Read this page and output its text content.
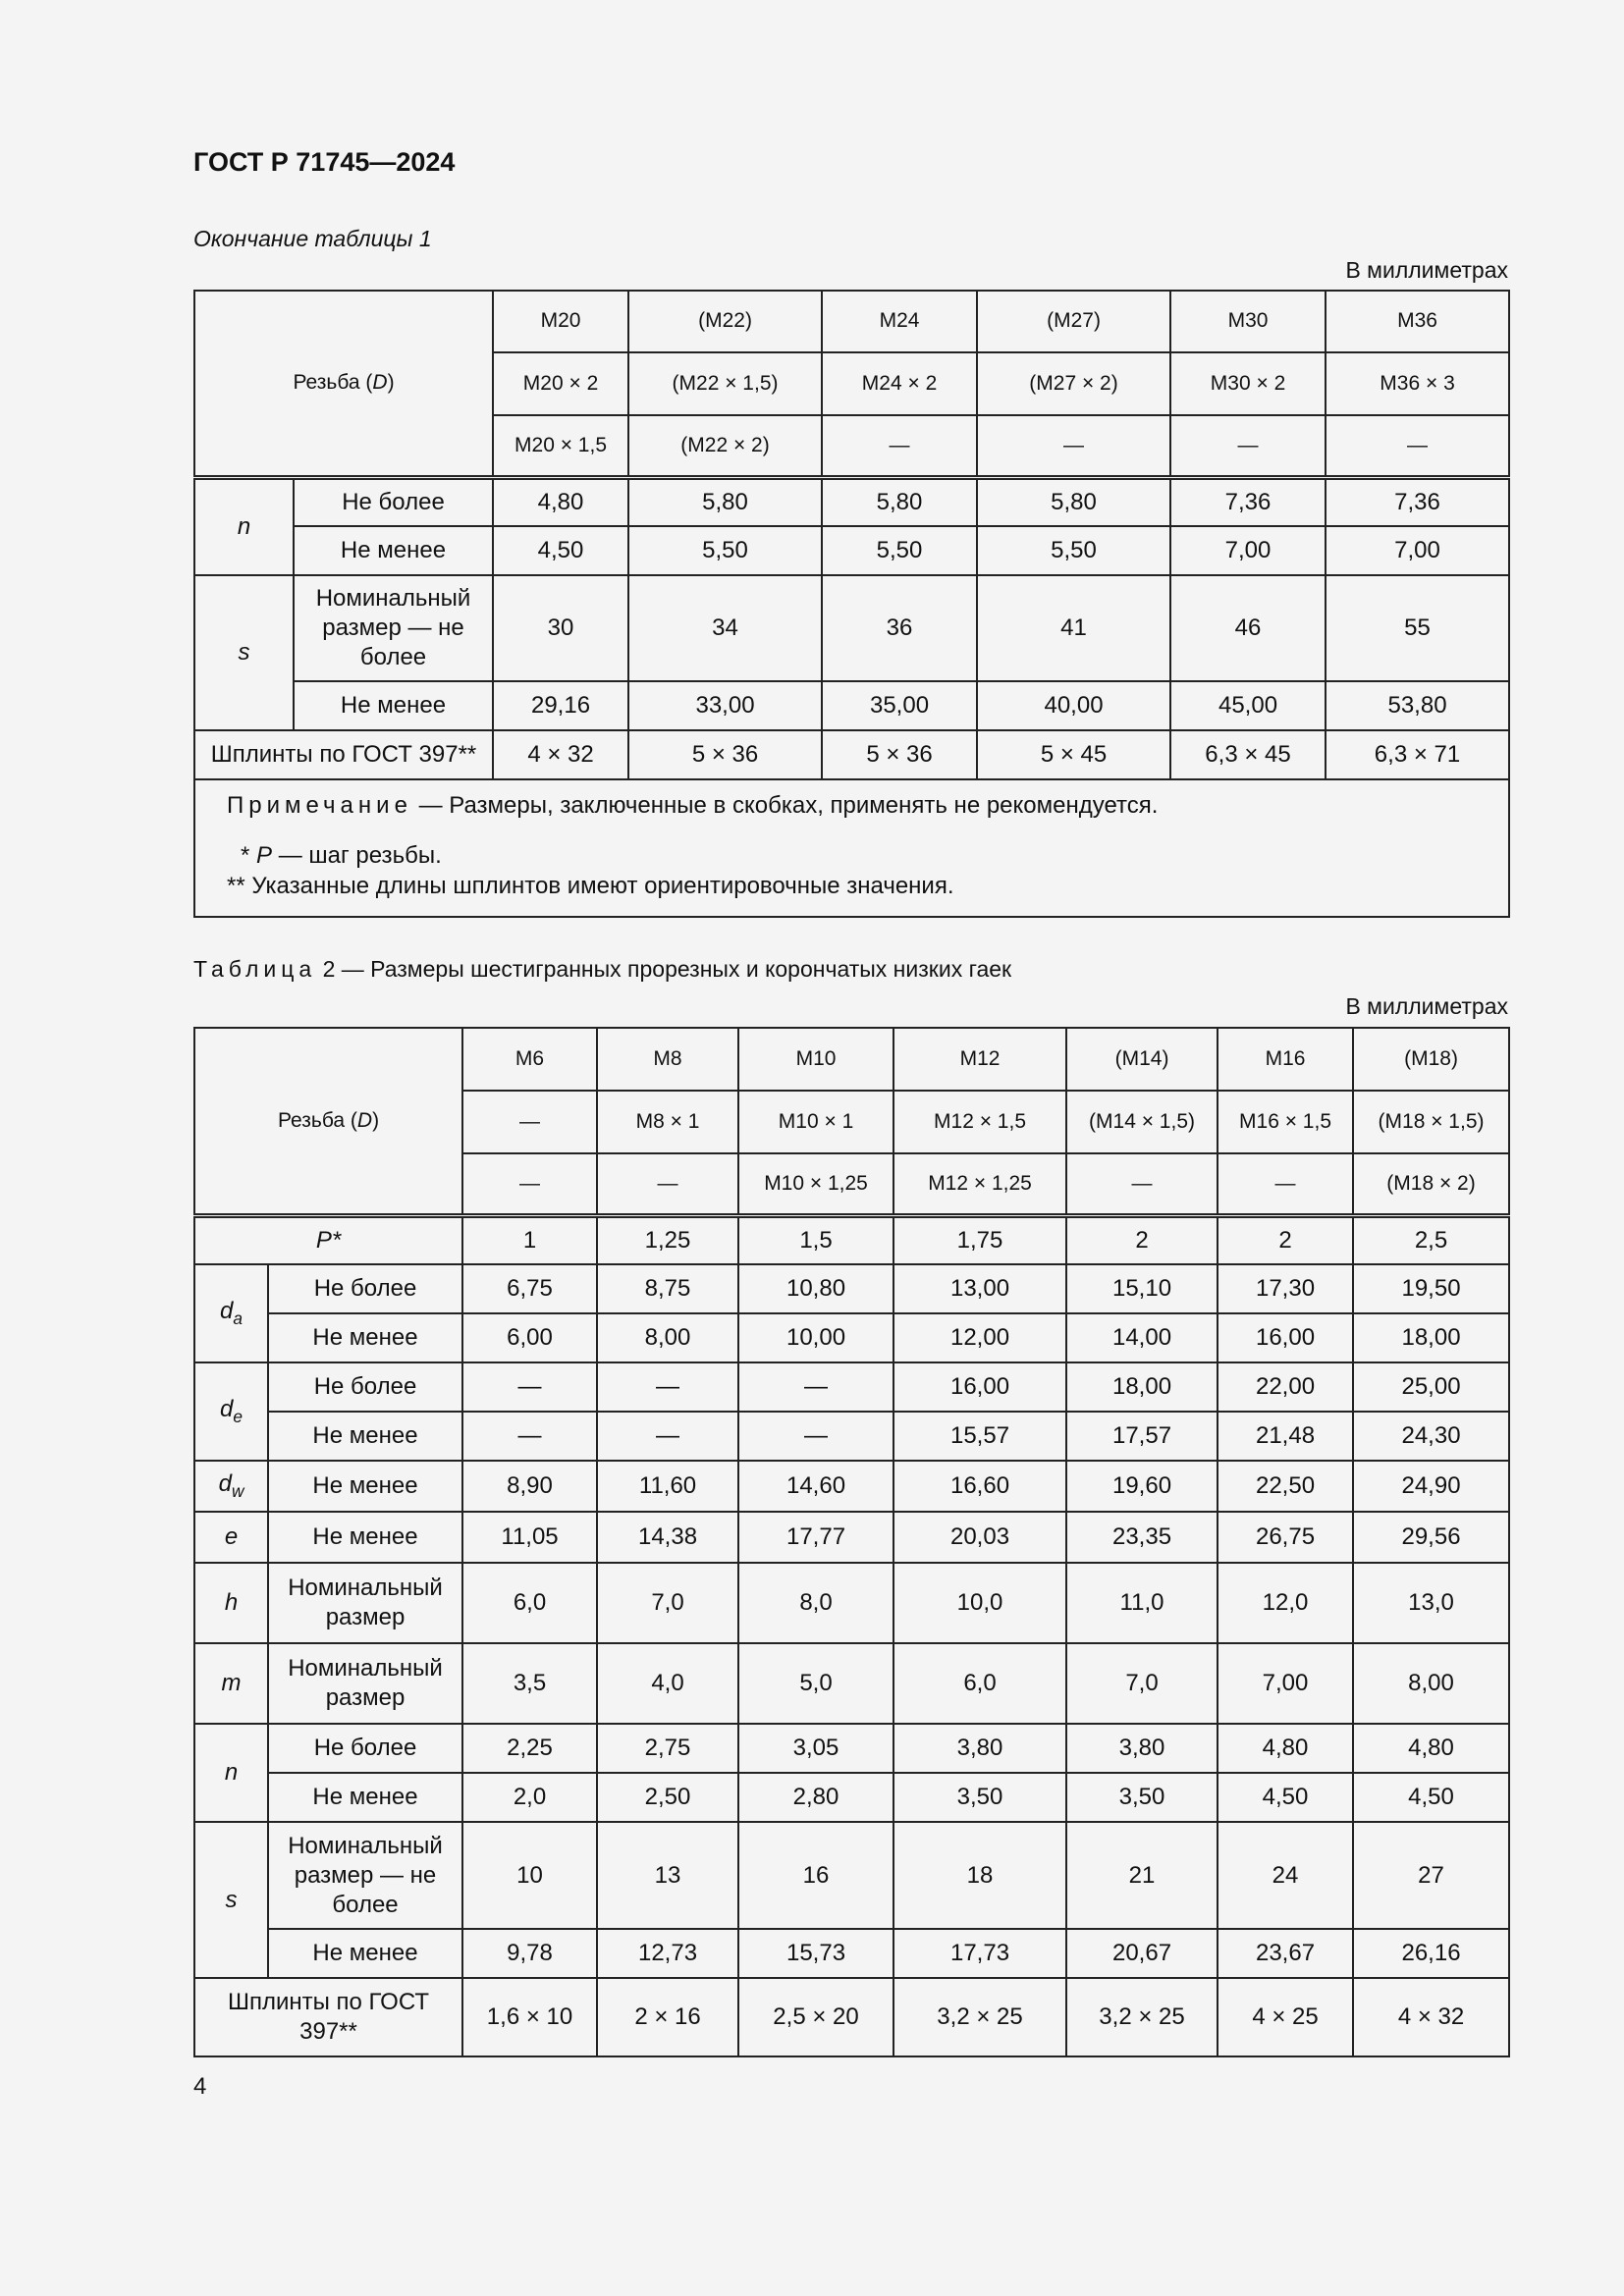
ГОСТ Р 71745—2024
Окончание таблицы 1
В миллиметрах
Резьба (D)		М20	(М22)	М24	(М27)	М30	М36
		М20 × 2	(М22 × 1,5)	М24 × 2	(М27 × 2)	М30 × 2	М36 × 3
		М20 × 1,5	(М22 × 2)	—	—	—	—
n	Не более	4,80	5,80	5,80	5,80	7,36	7,36
	Не менее	4,50	5,50	5,50	5,50	7,00	7,00
s	Номинальный размер — не более	30	34	36	41	46	55
	Не менее	29,16	33,00	35,00	40,00	45,00	53,80
Шплинты по ГОСТ 397**		4 × 32	5 × 36	5 × 36	5 × 45	6,3 × 45	6,3 × 71

Примечание — Размеры, заключенные в скобках, применять не рекомендуется.
* P — шаг резьбы.
** Указанные длины шплинтов имеют ориентировочные значения.							
Таблица 2 — Размеры шестигранных прорезных и корончатых низких гаек
В миллиметрах
Резьба (D)		М6	М8	М10	М12	(М14)	М16	(М18)
		—	М8 × 1	М10 × 1	М12 × 1,5	(М14 × 1,5)	М16 × 1,5	(М18 × 1,5)
		—	—	М10 × 1,25	М12 × 1,25	—	—	(М18 × 2)
P*		1	1,25	1,5	1,75	2	2	2,5
$d_a$	Не более	6,75	8,75	10,80	13,00	15,10	17,30	19,50
	Не менее	6,00	8,00	10,00	12,00	14,00	16,00	18,00
$d_e$	Не более	—	—	—	16,00	18,00	22,00	25,00
	Не менее	—	—	—	15,57	17,57	21,48	24,30
$d_w$	Не менее	8,90	11,60	14,60	16,60	19,60	22,50	24,90
e	Не менее	11,05	14,38	17,77	20,03	23,35	26,75	29,56
h	Номинальный размер	6,0	7,0	8,0	10,0	11,0	12,0	13,0
m	Номинальный размер	3,5	4,0	5,0	6,0	7,0	7,00	8,00
n	Не более	2,25	2,75	3,05	3,80	3,80	4,80	4,80
	Не менее	2,0	2,50	2,80	3,50	3,50	4,50	4,50
s	Номинальный размер — не более	10	13	16	18	21	24	27
	Не менее	9,78	12,73	15,73	17,73	20,67	23,67	26,16
Шплинты по ГОСТ 397**		1,6 × 10	2 × 16	2,5 × 20	3,2 × 25	3,2 × 25	4 × 25	4 × 32
4
